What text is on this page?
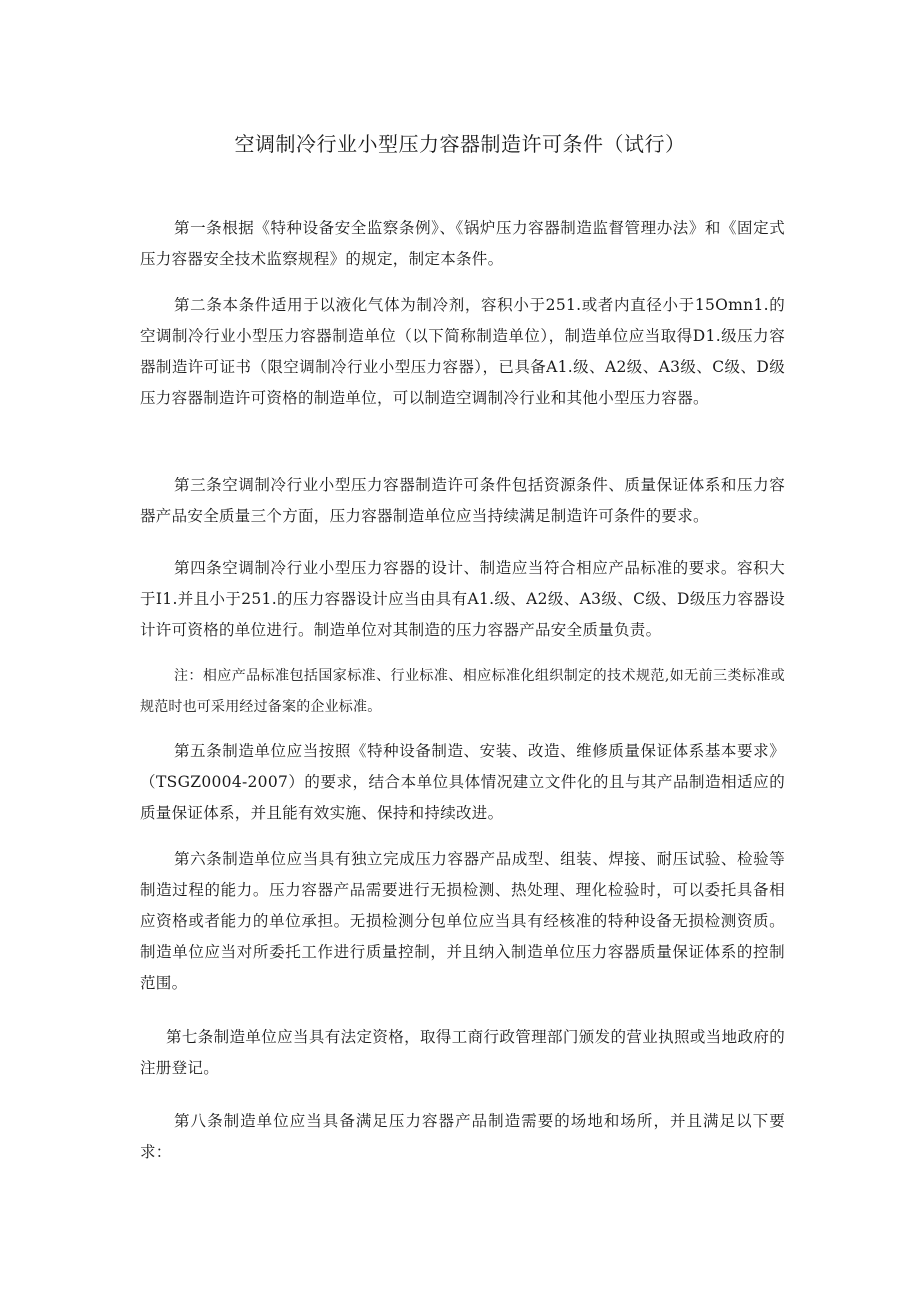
空调制冷行业小型压力容器制造许可条件（试行）

第一条根据《特种设备安全监察条例》、《锅炉压力容器制造监督管理办法》和《固定式压力容器安全技术监察规程》的规定，制定本条件。

第二条本条件适用于以液化气体为制冷剂，容积小于251.或者内直径小于15Omn1.的空调制冷行业小型压力容器制造单位（以下简称制造单位），制造单位应当取得D1.级压力容器制造许可证书（限空调制冷行业小型压力容器），已具备A1.级、A2级、A3级、C级、D级压力容器制造许可资格的制造单位，可以制造空调制冷行业和其他小型压力容器。

第三条空调制冷行业小型压力容器制造许可条件包括资源条件、质量保证体系和压力容器产品安全质量三个方面，压力容器制造单位应当持续满足制造许可条件的要求。

第四条空调制冷行业小型压力容器的设计、制造应当符合相应产品标准的要求。容积大于I1.并且小于251.的压力容器设计应当由具有A1.级、A2级、A3级、C级、D级压力容器设计许可资格的单位进行。制造单位对其制造的压力容器产品安全质量负责。

注：相应产品标准包括国家标准、行业标准、相应标准化组织制定的技术规范,如无前三类标准或规范时也可采用经过备案的企业标准。

第五条制造单位应当按照《特种设备制造、安装、改造、维修质量保证体系基本要求》（TSGZ0004-2007）的要求，结合本单位具体情况建立文件化的且与其产品制造相适应的质量保证体系，并且能有效实施、保持和持续改进。

第六条制造单位应当具有独立完成压力容器产品成型、组装、焊接、耐压试验、检验等制造过程的能力。压力容器产品需要进行无损检测、热处理、理化检验时，可以委托具备相应资格或者能力的单位承担。无损检测分包单位应当具有经核准的特种设备无损检测资质。制造单位应当对所委托工作进行质量控制，并且纳入制造单位压力容器质量保证体系的控制范围。

第七条制造单位应当具有法定资格，取得工商行政管理部门颁发的营业执照或当地政府的注册登记。

第八条制造单位应当具备满足压力容器产品制造需要的场地和场所，并且满足以下要求：
